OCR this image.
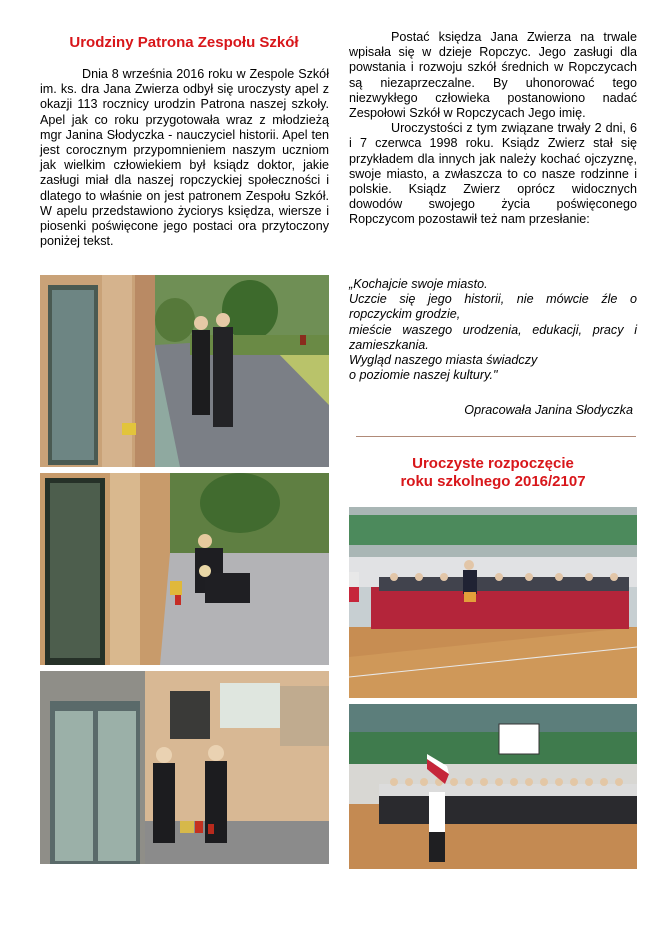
Urodziny Patrona Zespołu Szkół

Dnia 8 września 2016 roku w Zespole Szkół im. ks. dra Jana Zwierza odbył się uroczysty apel z okazji 113 rocznicy urodzin Patrona naszej szkoły. Apel jak co roku przygotowała wraz z młodzieżą mgr Janina Słodyczka - nauczyciel historii. Apel ten jest corocznym przypomnieniem naszym uczniom jak wielkim człowiekiem był ksiądz doktor, jakie zasługi miał dla naszej ropczyckiej społeczności i dlatego to właśnie on jest patronem Zespołu Szkół. W apelu przedstawiono życiorys księdza, wiersze i piosenki poświęcone jego postaci ora przytoczony poniżej tekst.

Postać księdza Jana Zwierza na trwale wpisała się w dzieje Ropczyc. Jego zasługi dla powstania i rozwoju szkół średnich w Ropczycach są niezaprzeczalne. By uhonorować tego niezwykłego człowieka postanowiono nadać Zespołowi Szkół w Ropczycach Jego imię.

Uroczystości z tym związane trwały 2 dni, 6 i 7 czerwca 1998 roku. Ksiądz Zwierz stał się przykładem dla innych jak należy kochać ojczyznę, swoje miasto, a zwłaszcza to co nasze rodzinne i polskie. Ksiądz Zwierz oprócz widocznych dowodów swojego życia poświęconego Ropczycom pozostawił też nam przesłanie:

„Kochajcie swoje miasto.
Uczcie się jego historii, nie mówcie źle o ropczyckim grodzie,
mieście waszego urodzenia, edukacji, pracy i zamieszkania.
Wygląd naszego miasta świadczy
o poziomie naszej kultury."
Opracowała Janina Słodyczka
Uroczyste rozpoczęcie
roku szkolnego 2016/2107
